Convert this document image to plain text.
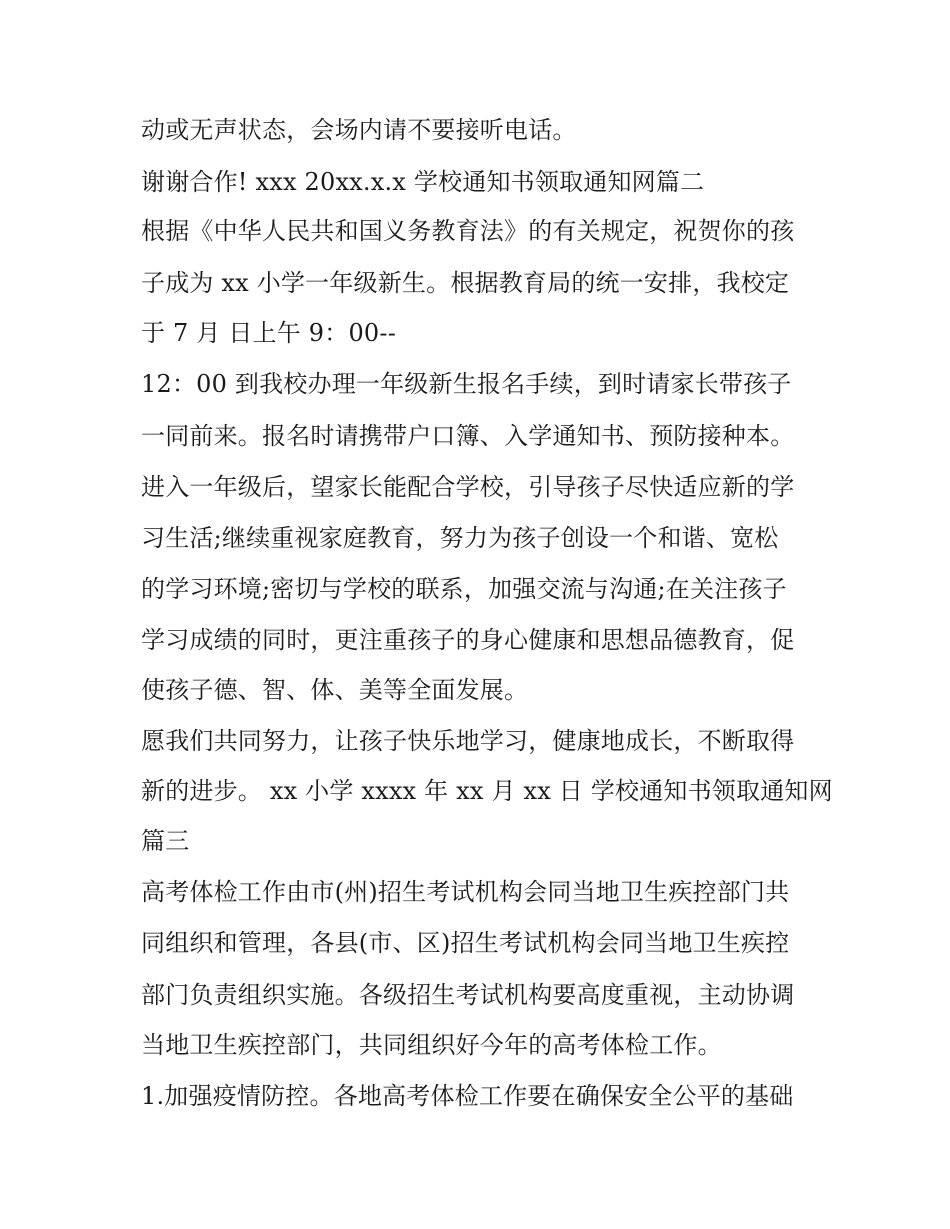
动或无声状态，会场内请不要接听电话。
谢谢合作! xxx 20xx.x.x 学校通知书领取通知网篇二
根据《中华人民共和国义务教育法》的有关规定，祝贺你的孩
子成为 xx 小学一年级新生。根据教育局的统一安排，我校定
于 7 月 日上午 9：00--
12：00 到我校办理一年级新生报名手续，到时请家长带孩子
一同前来。报名时请携带户口簿、入学通知书、预防接种本。
进入一年级后，望家长能配合学校，引导孩子尽快适应新的学
习生活;继续重视家庭教育，努力为孩子创设一个和谐、宽松
的学习环境;密切与学校的联系，加强交流与沟通;在关注孩子
学习成绩的同时，更注重孩子的身心健康和思想品德教育，促
使孩子德、智、体、美等全面发展。
愿我们共同努力，让孩子快乐地学习，健康地成长，不断取得
新的进步。 xx 小学 xxxx 年 xx 月 xx 日 学校通知书领取通知网
篇三
高考体检工作由市(州)招生考试机构会同当地卫生疾控部门共
同组织和管理，各县(市、区)招生考试机构会同当地卫生疾控
部门负责组织实施。各级招生考试机构要高度重视，主动协调
当地卫生疾控部门，共同组织好今年的高考体检工作。
1.加强疫情防控。各地高考体检工作要在确保安全公平的基础
